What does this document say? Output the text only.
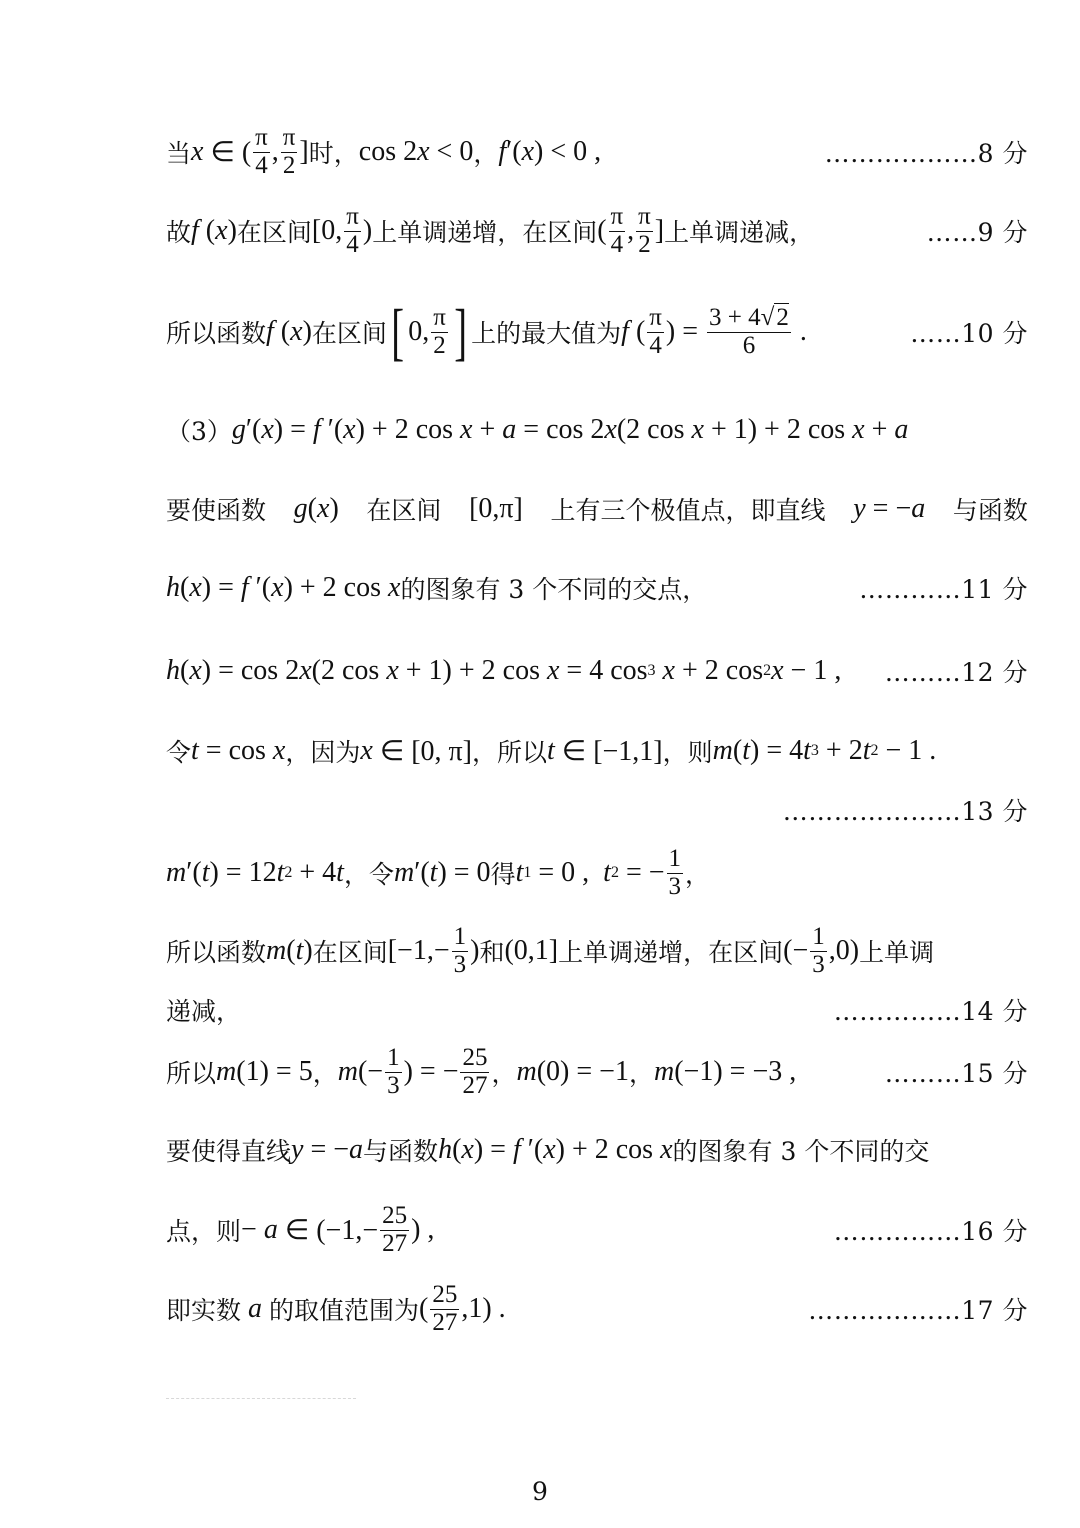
当 x ∈ ( $\frac{\pi}{4}$ , $\frac{\pi}{2}$ ] 时， cos 2 x < 0 ， f ′( x ) < 0 ,	………………8 分
故 f ( x ) 在区间 [0, $\frac{\pi}{4}$ ) 上单调递增，在区间 ( $\frac{\pi}{4}$ , $\frac{\pi}{2}$ ] 上单调递减，	……9 分
所以函数 f ( x ) 在区间 [ 0, $\frac{\pi}{2}$ ] 上的最大值为 f ( $\frac{\pi}{4}$ ) = $\frac{3 + 4√2}{6}$ .	……10 分
（3） g ′( x ) = f ′( x ) + 2 cos x + a = cos 2 x (2 cos x + 1) + 2 cos x + a
要使函数 g ( x ) 在区间 [0,π] 上有三个极值点，即直线 y = − a 与函数
h ( x ) = f ′( x ) + 2 cos x 的图象有 3 个不同的交点，	…………11 分
h ( x ) = cos 2 x (2 cos x + 1) + 2 cos x = 4 cos 3
x + 2 cos 2 x − 1 , ………12 分
令 t = cos x ，因为 x ∈ [0, π] ，所以 t ∈ [−1,1] ，则 m ( t ) = 4 t 3 + 2 t 2 − 1 .
…………………13 分
m ′( t ) = 12 t 2 + 4 t ，令 m ′( t ) = 0 得 t 1 = 0 , t 2 = − $\frac{1}{3}$ ，
所以函数 m ( t ) 在区间 [$-1,- \frac{1}{3}$ ) 和 (0,1] 上单调递增，在区间 (− $\frac{1}{3} ,0$) 上单调
递减，	……………14 分
所以 m (1) = 5 ， m (− $\frac{1}{3}$ ) = − $\frac{25}{27}$ ， m (0) = −1 ， m (−1) = −3 ,	………15 分
要使得直线 y = − a 与函数 h ( x ) = f ′( x ) + 2 cos x 的图象有 3 个不同的交
点，则 − a ∈ ($-1,- \frac{25}{27}$ ) ,	……………16 分
即实数
a
的取值范围为 ( $\frac{25}{27} ,1$) .	………………17 分
9
